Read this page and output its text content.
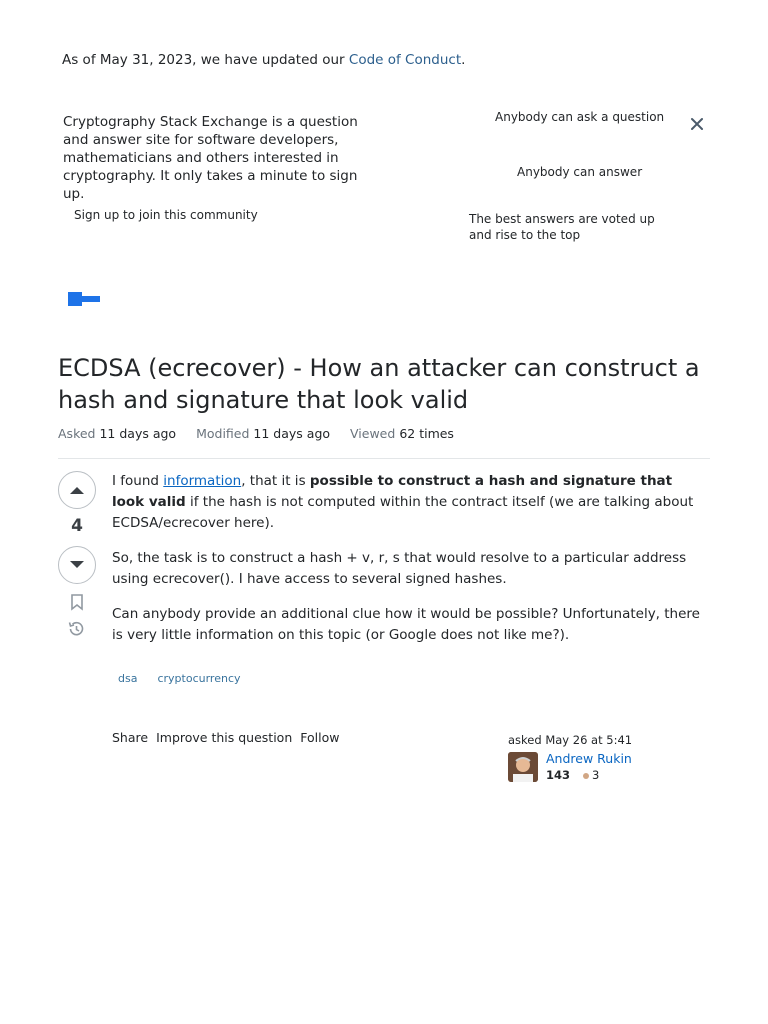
As of May 31, 2023, we have updated our Code of Conduct.
Cryptography Stack Exchange is a question and answer site for software developers, mathematicians and others interested in cryptography. It only takes a minute to sign up.
Sign up to join this community
Anybody can ask a question
Anybody can answer
The best answers are voted up and rise to the top
ECDSA (ecrecover) - How an attacker can construct a hash and signature that look valid
Asked 11 days ago Modified 11 days ago Viewed 62 times
4

I found information, that it is possible to construct a hash and signature that look valid if the hash is not computed within the contract itself (we are talking about ECDSA/ecrecover here).

So, the task is to construct a hash + v, r, s that would resolve to a particular address using ecrecover(). I have access to several signed hashes.

Can anybody provide an additional clue how it would be possible? Unfortunately, there is very little information on this topic (or Google does not like me?).

dsa	cryptocurrency
Share Improve this question Follow	asked May 26 at 5:41
Andrew Rukin
143	3
